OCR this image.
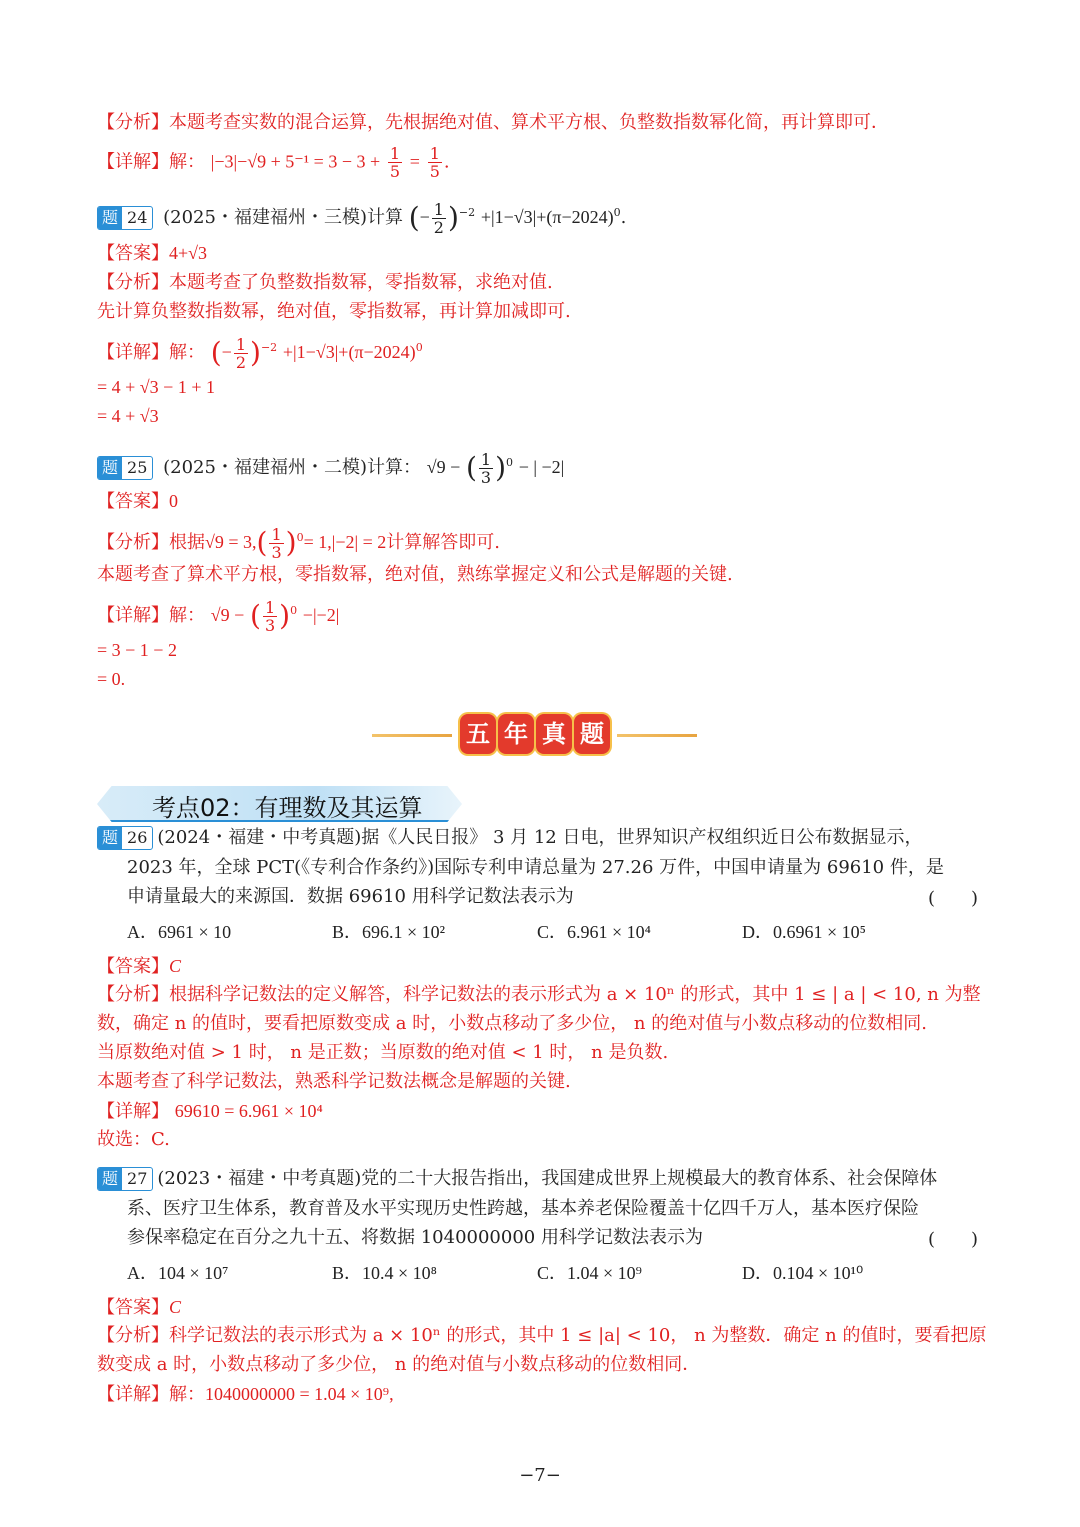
【分析】本题考查实数的混合运算，先根据绝对值、算术平方根、负整数指数幂化简，再计算即可．
【详解】解： $|-3|-√9 + 5^{-1} = 3 - 3 + \frac{1}{5} = \frac{1}{5}$ .
题 24 (2025・福建福州・三模)计算 (− $\frac{1}{2} )^{-2} +|1-√3|+(\pi-2024)^0$.
【答案】4+√3
【分析】本题考查了负整数指数幂，零指数幂，求绝对值.
先计算负整数指数幂，绝对值，零指数幂，再计算加减即可.
【详解】解： (− $\frac{1}{2} )^{-2} +|1-√3|+(\pi-2024)^0$
= 4 + √3 − 1 + 1
= 4 + √3
题 25 (2025・福建福州・二模)计算： √9 − ( $\frac{1}{3} )^0$ − | −2|
【答案】0
【分析】根据$√9 = 3,( \frac{1}{3} )^0= 1,|-2| = 2$计算解答即可.
本题考查了算术平方根，零指数幂，绝对值，熟练掌握定义和公式是解题的关键.
【详解】解： √9 − ( $\frac{1}{3} )^0 -|-2|$
= 3 − 1 − 2
= 0.
五 年 真 题
考点02：有理数及其运算
题 26 (2024・福建・中考真题)据《人民日报》 3 月 12 日电，世界知识产权组织近日公布数据显示，
2023 年，全球 PCT(《专利合作条约》)国际专利申请总量为 27.26 万件，中国申请量为 69610 件，是
申请量最大的来源国．数据 69610 用科学记数法表示为	(　　)
A．6961 × 10	B．696.1 × 10²	C．6.961 × 10⁴	D．0.6961 × 10⁵
【答案】C
【分析】根据科学记数法的定义解答，科学记数法的表示形式为 a × 10ⁿ 的形式，其中 1 ≤ | a | < 10, n 为整
数，确定 n 的值时，要看把原数变成 a 时，小数点移动了多少位， n 的绝对值与小数点移动的位数相同.
当原数绝对值 > 1 时， n 是正数；当原数的绝对值 < 1 时， n 是负数.
本题考查了科学记数法，熟悉科学记数法概念是解题的关键.
【详解】 69610 = 6.961 × 10⁴
故选：C.
题 27 (2023・福建・中考真题)党的二十大报告指出，我国建成世界上规模最大的教育体系、社会保障体
系、医疗卫生体系，教育普及水平实现历史性跨越，基本养老保险覆盖十亿四千万人，基本医疗保险
参保率稳定在百分之九十五、将数据 1040000000 用科学记数法表示为	(　　)
A．104 × 10⁷	B．10.4 × 10⁸	C．1.04 × 10⁹	D．0.104 × 10¹⁰
【答案】C
【分析】科学记数法的表示形式为 a × 10ⁿ 的形式，其中 1 ≤ |a| < 10， n 为整数．确定 n 的值时，要看把原
数变成 a 时，小数点移动了多少位， n 的绝对值与小数点移动的位数相同．
【详解】解：1040000000 = 1.04 × 10⁹,
−7−
